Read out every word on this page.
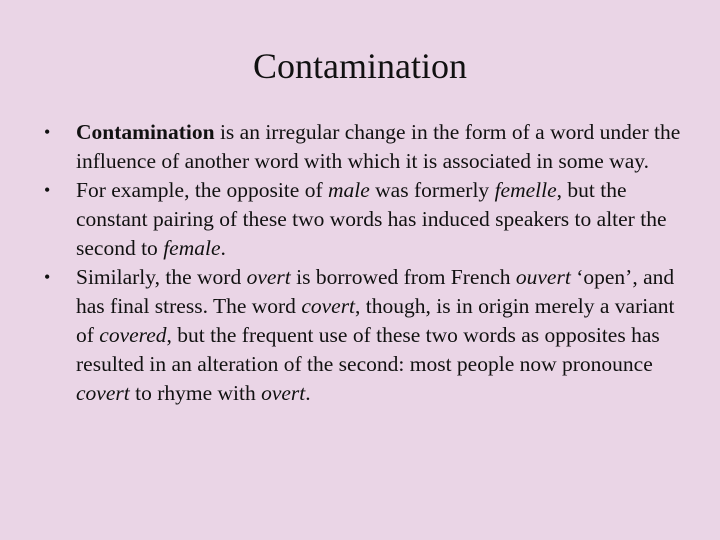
Contamination
•	Contamination is an irregular change in the form of a word under the influence of another word with which it is associated in some way.
•	For example, the opposite of male was formerly femelle, but the constant pairing of these two words has induced speakers to alter the second to female.
•	Similarly, the word overt is borrowed from French ouvert ‘open’, and has final stress. The word covert, though, is in origin merely a variant of covered, but the frequent use of these two words as opposites has resulted in an alteration of the second: most people now pronounce covert to rhyme with overt.
